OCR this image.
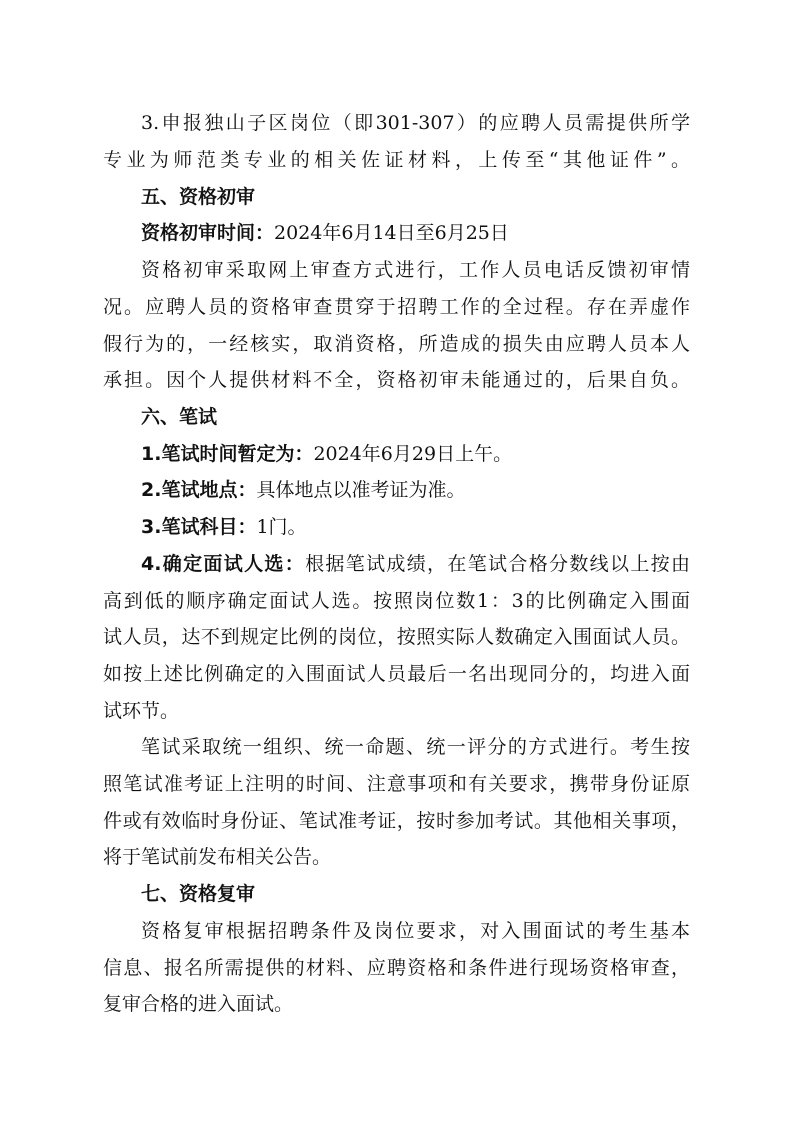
3.申报独山子区岗位（即301-307）的应聘人员需提供所学
专业为师范类专业的相关佐证材料，上传至“其他证件”。
五、资格初审
资格初审时间：2024年6月14日至6月25日
资格初审采取网上审查方式进行，工作人员电话反馈初审情
况。应聘人员的资格审查贯穿于招聘工作的全过程。存在弄虚作
假行为的，一经核实，取消资格，所造成的损失由应聘人员本人
承担。因个人提供材料不全，资格初审未能通过的，后果自负。
六、笔试
1.笔试时间暂定为：2024年6月29日上午。
2.笔试地点：具体地点以准考证为准。
3.笔试科目：1门。
4.确定面试人选：根据笔试成绩，在笔试合格分数线以上按由
高到低的顺序确定面试人选。按照岗位数1：3的比例确定入围面
试人员，达不到规定比例的岗位，按照实际人数确定入围面试人员。
如按上述比例确定的入围面试人员最后一名出现同分的，均进入面
试环节。
笔试采取统一组织、统一命题、统一评分的方式进行。考生按
照笔试准考证上注明的时间、注意事项和有关要求，携带身份证原
件或有效临时身份证、笔试准考证，按时参加考试。其他相关事项，
将于笔试前发布相关公告。
七、资格复审
资格复审根据招聘条件及岗位要求，对入围面试的考生基本
信息、报名所需提供的材料、应聘资格和条件进行现场资格审查，
复审合格的进入面试。
